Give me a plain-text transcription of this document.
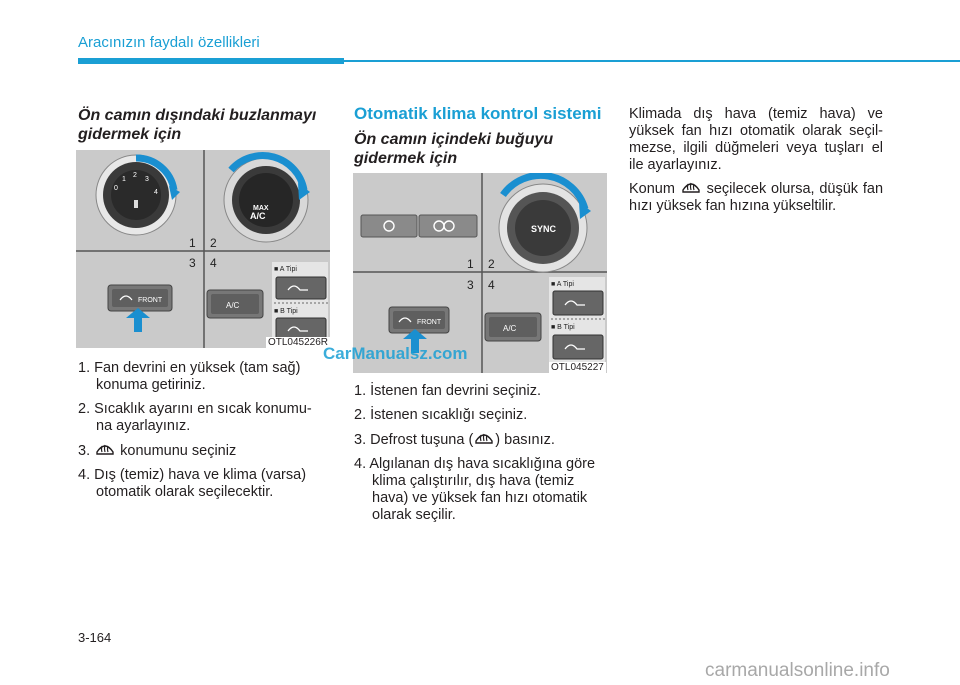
Aracınızın faydalı özellikleri
Ön camın dışındaki buzlanmayı
gidermek için
0
1
2
3
4
MAX
A/C
1 2
3 4
FRONT
A/C
■ A Tipi
■ B Tipi
OTL045226R
1. Fan devrini en yüksek (tam sağ) konuma getiriniz.
2. Sıcaklık ayarını en sıcak konumu- na ayarlayınız.
3. konumunu seçiniz
4. Dış (temiz) hava ve klima (varsa) otomatik olarak seçilecektir.
Otomatik klima kontrol sistemi
Ön camın içindeki buğuyu
gidermek için
SYNC
1 2
3 4
FRONT
A/C
■ A Tipi
■ B Tipi
OTL045227
1. İstenen fan devrini seçiniz.
2. İstenen sıcaklığı seçiniz.
3. Defrost tuşuna ( ) basınız.
4. Algılanan dış hava sıcaklığına göre klima çalıştırılır, dış hava (temiz hava) ve yüksek fan hızı otomatik olarak seçilir.
Klimada dış hava (temiz hava) ve yüksek fan hızı otomatik olarak seçil- mezse, ilgili düğmeleri veya tuşları el ile ayarlayınız.
Konum seçilecek olursa, düşük fan hızı yüksek fan hızına yükseltilir.
CarManualsz.com
3-164
carmanualsonline.info
